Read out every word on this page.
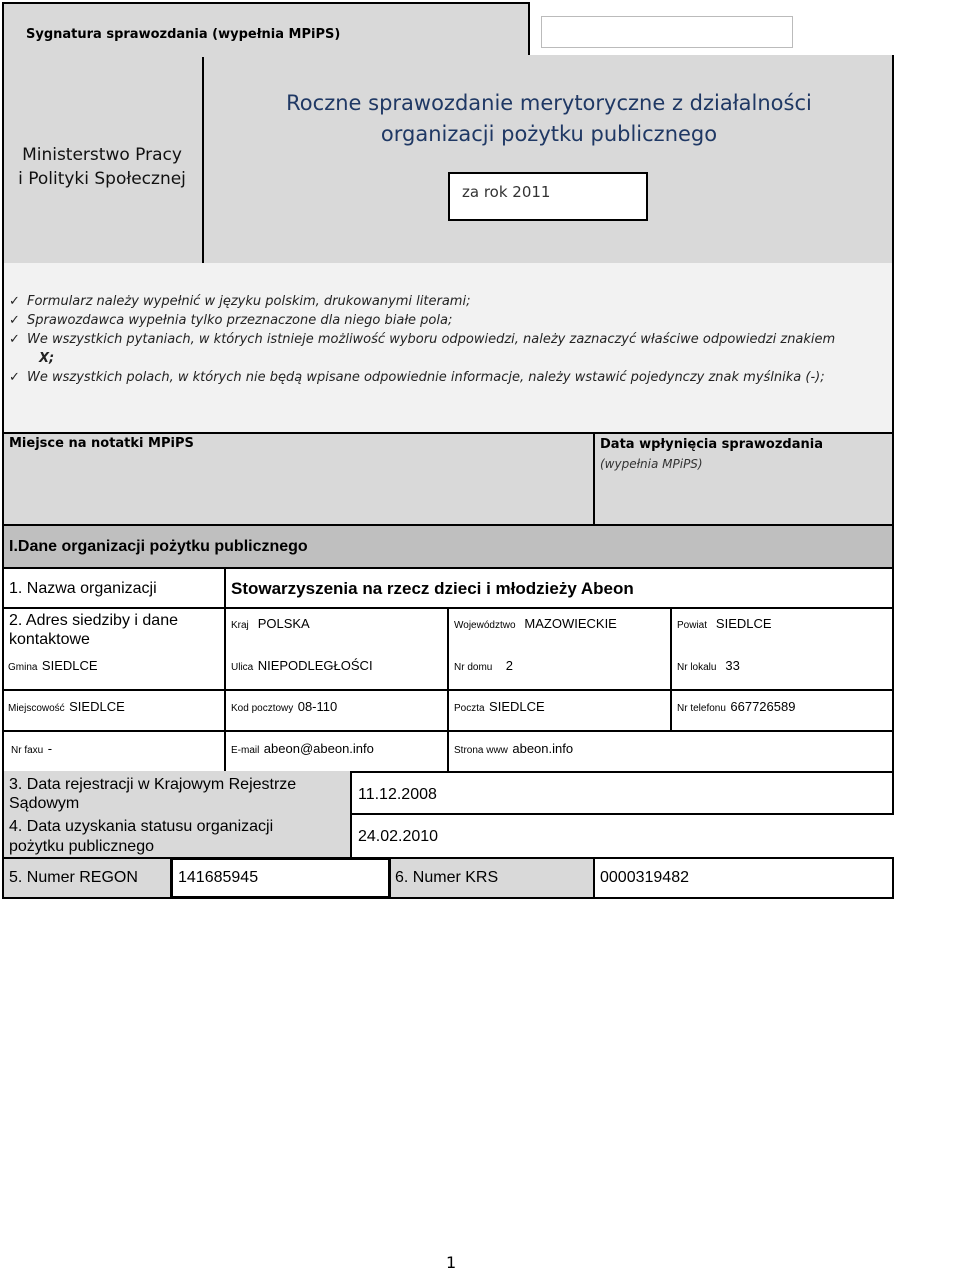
Sygnatura sprawozdania (wypełnia MPiPS)
Ministerstwo Pracy
i Polityki Społecznej
Roczne sprawozdanie merytoryczne z działalności
organizacji pożytku publicznego
za rok 2011
✓ Formularz należy wypełnić w języku polskim, drukowanymi literami;
✓ Sprawozdawca wypełnia tylko przeznaczone dla niego białe pola;
✓ We wszystkich pytaniach, w których istnieje możliwość wyboru odpowiedzi, należy zaznaczyć właściwe odpowiedzi znakiem
X;
✓ We wszystkich polach, w których nie będą wpisane odpowiednie informacje, należy wstawić pojedynczy znak myślnika (-);
Miejsce na notatki MPiPS	Data wpłynięcia sprawozdania
(wypełnia MPiPS)
I.Dane organizacji pożytku publicznego
1. Nazwa organizacji	Stowarzyszenia na rzecz dzieci i młodzieży Abeon
2. Adres siedziby i dane kontaktowe
Kraj POLSKA	Województwo MAZOWIECKIE	Powiat SIEDLCE
Gmina SIEDLCE	Ulica NIEPODLEGŁOŚCI	Nr domu 2	Nr lokalu 33
Miejscowość SIEDLCE	Kod pocztowy 08-110	Poczta SIEDLCE	Nr telefonu 667726589
Nr faxu -	E-mail abeon@abeon.info	Strona www abeon.info
3. Data rejestracji w Krajowym Rejestrze Sądowym
11.12.2008
4. Data uzyskania statusu organizacji pożytku publicznego
24.02.2010
5. Numer REGON	141685945	6. Numer KRS	0000319482
1
